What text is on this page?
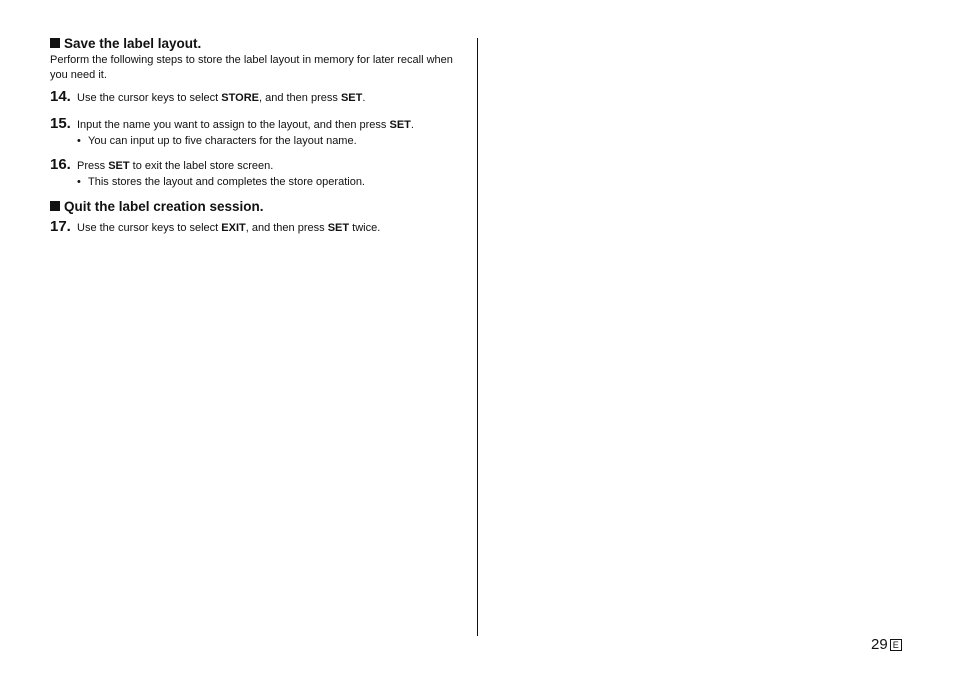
Save the label layout.

Perform the following steps to store the label layout in memory for later recall when you need it.

14. Use the cursor keys to select STORE, and then press SET.
15. Input the name you want to assign to the layout, and then press SET.
• You can input up to five characters for the layout name.
16. Press SET to exit the label store screen.
• This stores the layout and completes the store operation.
Quit the label creation session.
17. Use the cursor keys to select EXIT, and then press SET twice.
29 E
